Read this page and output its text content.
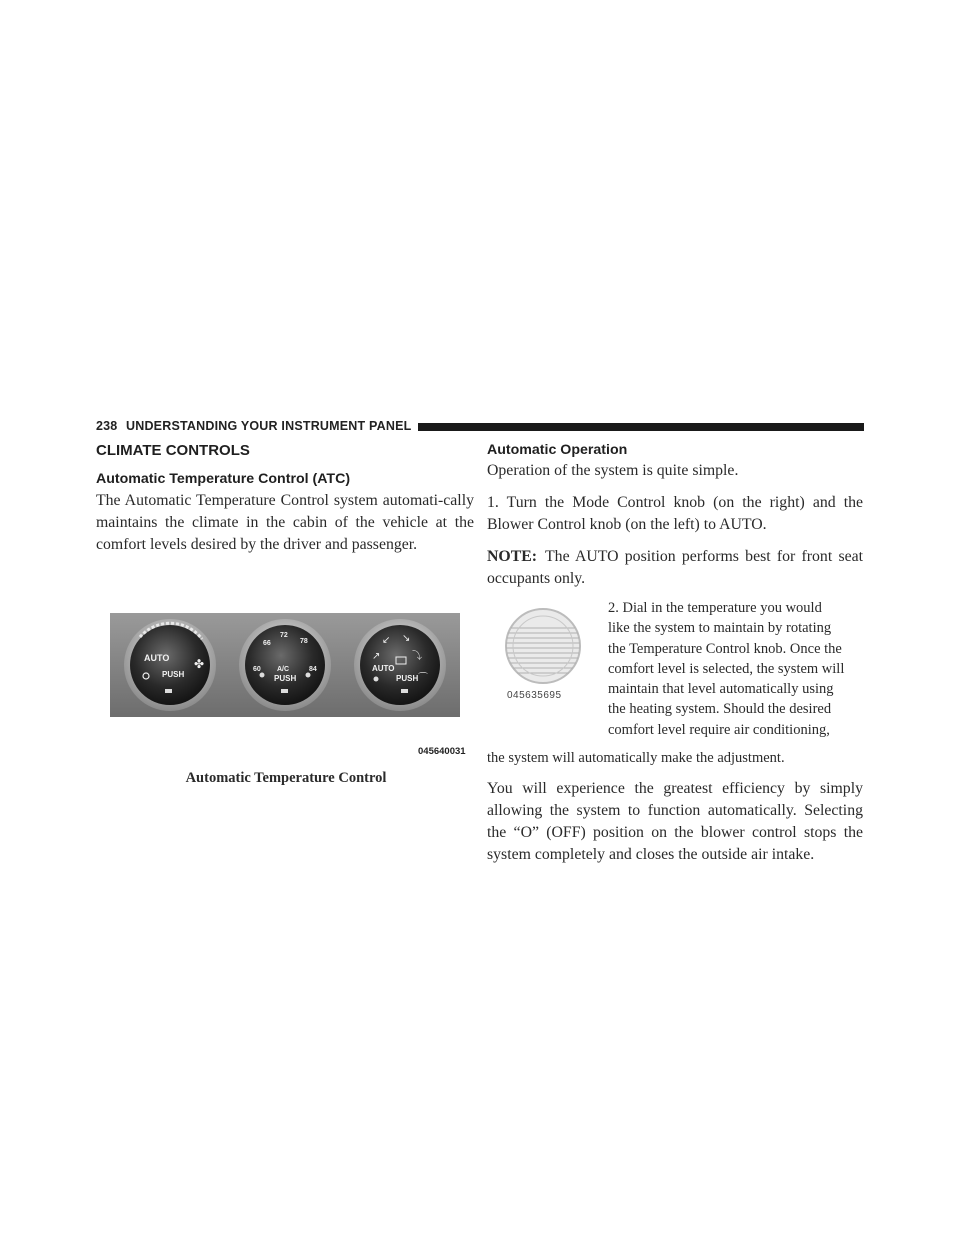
238 UNDERSTANDING YOUR INSTRUMENT PANEL
CLIMATE CONTROLS
Automatic Temperature Control (ATC)

The Automatic Temperature Control system automati-cally maintains the climate in the cabin of the vehicle at the comfort levels desired by the driver and passenger.

AUTO
PUSH
✤	60
66
72
78
84
A/C
PUSH
AUTO
PUSH
↙ ↘
↗	⤵
⌒
045640031
Automatic Temperature Control
Automatic Operation

Operation of the system is quite simple.

1. Turn the Mode Control knob (on the right) and the Blower Control knob (on the left) to AUTO.

NOTE: The AUTO position performs best for front seat occupants only.

045635695
2. Dial in the temperature you would
like the system to maintain by rotating
the Temperature Control knob. Once the
comfort level is selected, the system will
maintain that level automatically using
the heating system. Should the desired
comfort level require air conditioning,

the system will automatically make the adjustment.

You will experience the greatest efficiency by simply allowing the system to function automatically. Selecting the “O” (OFF) position on the blower control stops the system completely and closes the outside air intake.
